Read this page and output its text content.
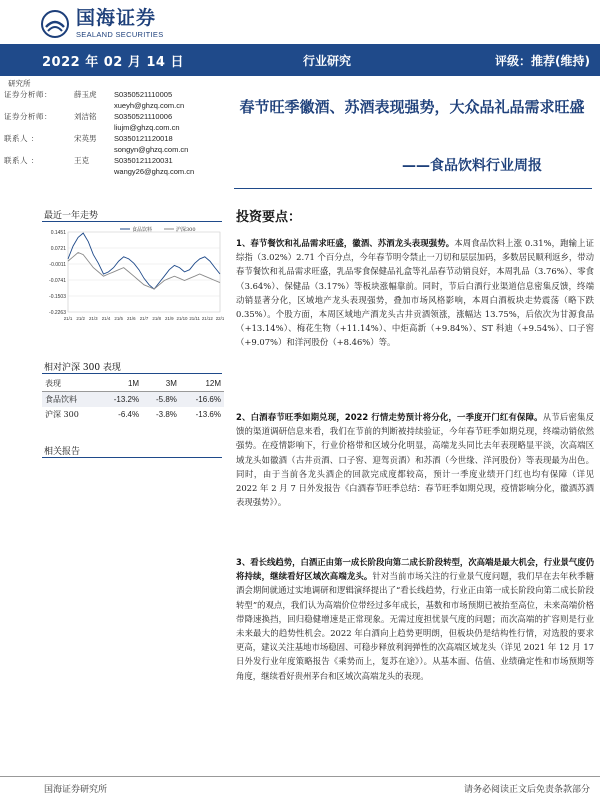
国海证券
SEALAND SECURITIES
2022 年 02 月 14 日	行业研究	评级：推荐(维持)
研究所
证券分析师：	薛玉虎	S0350521110005
xueyh@ghzq.com.cn
证券分析师：	刘洁铭	S0350521110006
liujm@ghzq.com.cn
联系人 ：	宋英男	S0350121120018
songyn@ghzq.com.cn
联系人 ：	王克	S0350121120031
wangy26@ghzq.com.cn
最近一年走势
0.1451
0.0721
-0.0011
-0.0741
-0.1503
-0.2263
21/1 21/2 21/3 21/4 21/5 21/6 21/7 21/8 21/9 21/10 21/11 21/12 22/1
食品饮料	沪深300
相对沪深 300 表现
表现	1M	3M	12M
食品饮料	-13.2%	-5.8%	-16.6%
沪深 300	-6.4%	-3.8%	-13.6%
相关报告
春节旺季徽酒、苏酒表现强势，大众品礼品需求旺盛
——食品饮料行业周报
投资要点：
1、春节餐饮和礼品需求旺盛，徽酒、苏酒龙头表现强势。本周食品饮料上涨 0.31%，跑输上证综指（3.02%）2.71 个百分点，今年春节明令禁止一刀切和层层加码，多数居民顺利返乡，带动春节餐饮和礼品需求旺盛，乳品零食保健品礼盒等礼品春节动销良好，本周乳品（3.76%）、零食（3.64%）、保健品（3.17%）等板块涨幅靠前。同时，节后白酒行业渠道信息密集反馈，终端动销显著分化，区域地产龙头表现强势，叠加市场风格影响，本周白酒板块走势震荡（略下跌 0.35%）。个股方面，本周区域地产酒龙头古井贡酒领涨，涨幅达 13.75%，后依次为甘源食品（+13.14%）、梅花生物（+11.14%）、中炬高新（+9.84%）、ST 科迪（+9.54%）、口子窖（+9.07%）和洋河股份（+8.46%）等。
2、白酒春节旺季如期兑现，2022 行情走势预计将分化，一季度开门红有保障。从节后密集反馈的渠道调研信息来看，我们在节前的判断被持续验证，今年春节旺季如期兑现，终端动销依然强势。在疫情影响下，行业价格带和区域分化明显，高端龙头同比去年表现略显平淡，次高端区域龙头如徽酒（古井贡酒、口子窖、迎驾贡酒）和苏酒（今世缘、洋河股份）等表现最为出色。同时，由于当前各龙头酒企的回款完成度都较高，预计一季度业绩开门红也均有保障（详见 2022 年 2 月 7 日外发报告《白酒春节旺季总结：春节旺季如期兑现，疫情影响分化，徽酒苏酒表现强势》）。
3、看长线趋势，白酒正由第一成长阶段向第二成长阶段转型，次高端是最大机会，行业景气度仍将持续，继续看好区域次高端龙头。针对当前市场关注的行业景气度问题，我们早在去年秋季糖酒会期间就通过实地调研和逻辑演绎提出了“看长线趋势，行业正由第一成长阶段向第二成长阶段转型”的观点，我们认为高端价位带经过多年成长，基数和市场预期已被抬至高位，未来高端价格带降速换挡，回归稳健增速是正常现象。无需过度担忧景气度的问题；而次高端的扩容则是行业未来最大的趋势性机会。2022 年白酒向上趋势更明朗，但板块仍是结构性行情，对选股的要求更高，建议关注基地市场稳固、可稳步释放利润弹性的次高端区域龙头（详见 2021 年 12 月 17 日外发行业年度策略报告《乘势而上，复苏在途》）。从基本面、估值、业绩确定性和市场预期等角度，继续看好贵州茅台和区域次高端龙头的表现。
国海证券研究所	请务必阅读正文后免责条款部分
